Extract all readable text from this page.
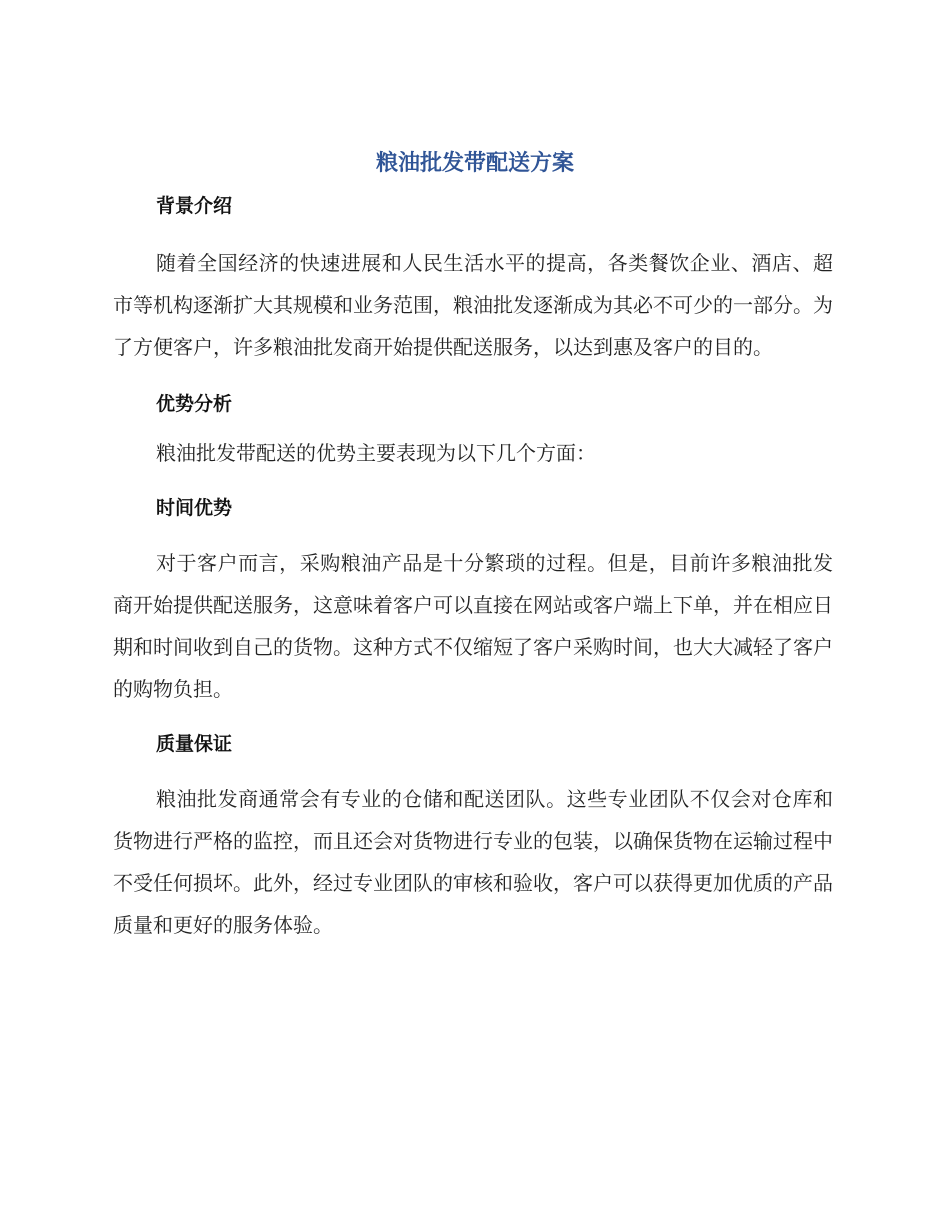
粮油批发带配送方案
背景介绍

随着全国经济的快速进展和人民生活水平的提高，各类餐饮企业、酒店、超市等机构逐渐扩大其规模和业务范围，粮油批发逐渐成为其必不可少的一部分。为了方便客户，许多粮油批发商开始提供配送服务，以达到惠及客户的目的。

优势分析

粮油批发带配送的优势主要表现为以下几个方面：

时间优势

对于客户而言，采购粮油产品是十分繁琐的过程。但是，目前许多粮油批发商开始提供配送服务，这意味着客户可以直接在网站或客户端上下单，并在相应日期和时间收到自己的货物。这种方式不仅缩短了客户采购时间，也大大减轻了客户的购物负担。

质量保证

粮油批发商通常会有专业的仓储和配送团队。这些专业团队不仅会对仓库和货物进行严格的监控，而且还会对货物进行专业的包装，以确保货物在运输过程中不受任何损坏。此外，经过专业团队的审核和验收，客户可以获得更加优质的产品质量和更好的服务体验。
